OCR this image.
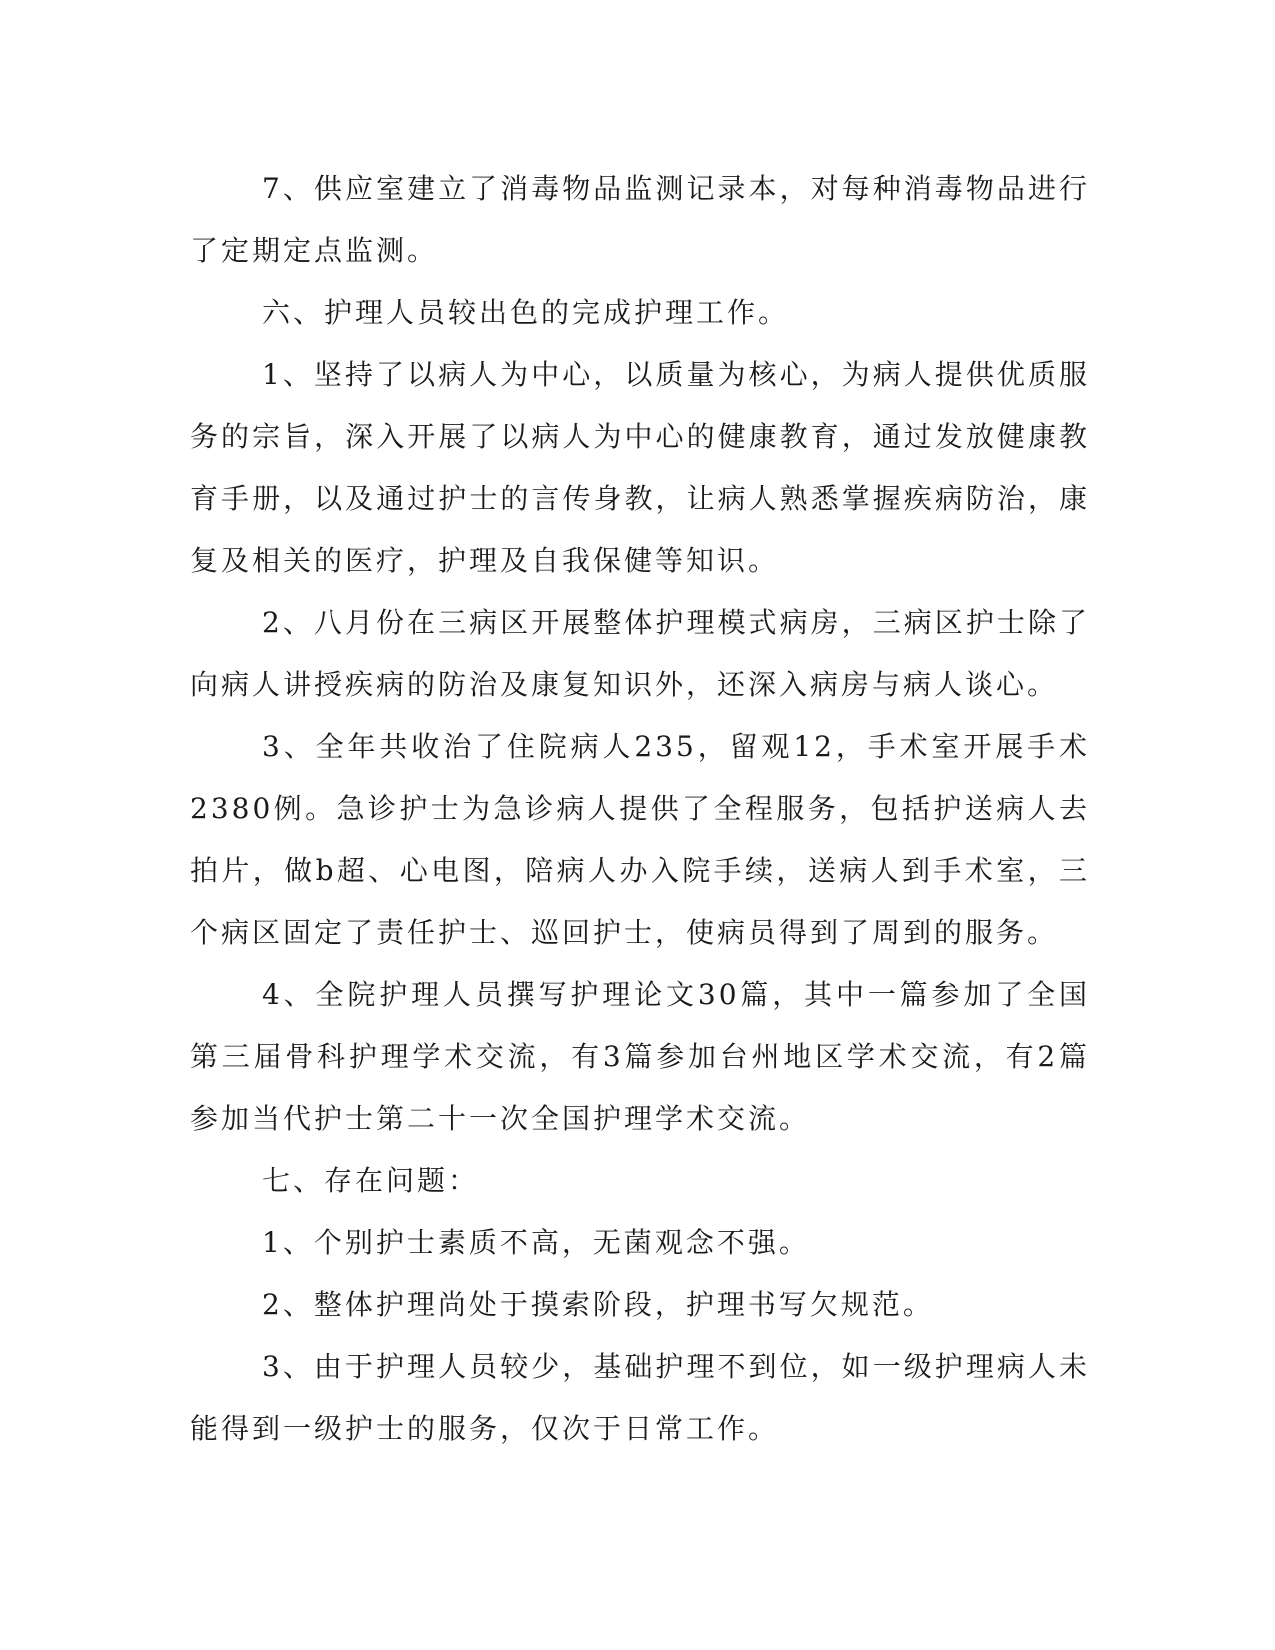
7、供应室建立了消毒物品监测记录本，对每种消毒物品进行了定期定点监测。

六、护理人员较出色的完成护理工作。

1、坚持了以病人为中心，以质量为核心，为病人提供优质服务的宗旨，深入开展了以病人为中心的健康教育，通过发放健康教育手册，以及通过护士的言传身教，让病人熟悉掌握疾病防治，康复及相关的医疗，护理及自我保健等知识。

2、八月份在三病区开展整体护理模式病房，三病区护士除了向病人讲授疾病的防治及康复知识外，还深入病房与病人谈心。

3、全年共收治了住院病人235，留观12，手术室开展手术2380例。急诊护士为急诊病人提供了全程服务，包括护送病人去拍片，做b超、心电图，陪病人办入院手续，送病人到手术室，三个病区固定了责任护士、巡回护士，使病员得到了周到的服务。

4、全院护理人员撰写护理论文30篇，其中一篇参加了全国第三届骨科护理学术交流，有3篇参加台州地区学术交流，有2篇参加当代护士第二十一次全国护理学术交流。

七、存在问题：

1、个别护士素质不高，无菌观念不强。

2、整体护理尚处于摸索阶段，护理书写欠规范。

3、由于护理人员较少，基础护理不到位，如一级护理病人未能得到一级护士的服务，仅次于日常工作。
